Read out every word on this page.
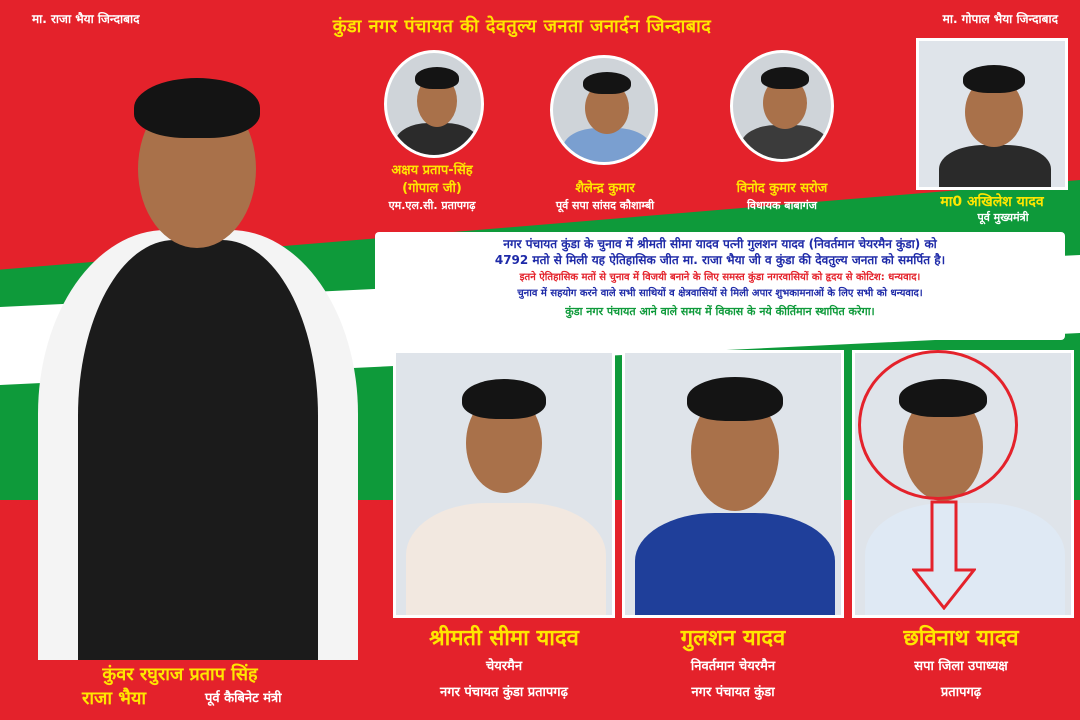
मा. राजा भैया जिन्दाबाद	कुंडा नगर पंचायत की देवतुल्य जनता जनार्दन जिन्दाबाद	मा. गोपाल भैया जिन्दाबाद
कुंवर रघुराज प्रताप सिंह
राजा भैया	पूर्व कैबिनेट मंत्री
अक्षय प्रताप-सिंह
(गोपाल जी)
एम.एल.सी. प्रतापगढ़
शैलेन्द्र कुमार
पूर्व सपा सांसद कौशाम्बी
विनोद कुमार सरोज
विधायक बाबागंज	मा0 अखिलेश यादव
पूर्व मुख्यमंत्री

नगर पंचायत कुंडा के चुनाव में श्रीमती सीमा यादव पत्नी गुलशन यादव (निवर्तमान चेयरमैन कुंडा) को

4792 मतो से मिली यह ऐतिहासिक जीत मा. राजा भैया जी व कुंडा की देवतुल्य जनता को समर्पित है।

इतने ऐतिहासिक मतों से चुनाव में विजयी बनाने के लिए समस्त कुंडा नगरवासियों को हृदय से कोटिश: धन्यवाद।

चुनाव में सहयोग करने वाले सभी साथियों व क्षेत्रवासियों से मिली अपार शुभकामनाओं के लिए सभी को धन्यवाद।

कुंडा नगर पंचायत आने वाले समय में विकास के नये कीर्तिमान स्थापित करेगा।

श्रीमती सीमा यादव
चेयरमैन
नगर पंचायत कुंडा प्रतापगढ़
गुलशन यादव
निवर्तमान चेयरमैन
नगर पंचायत कुंडा
छविनाथ यादव
सपा जिला उपाध्यक्ष
प्रतापगढ़
